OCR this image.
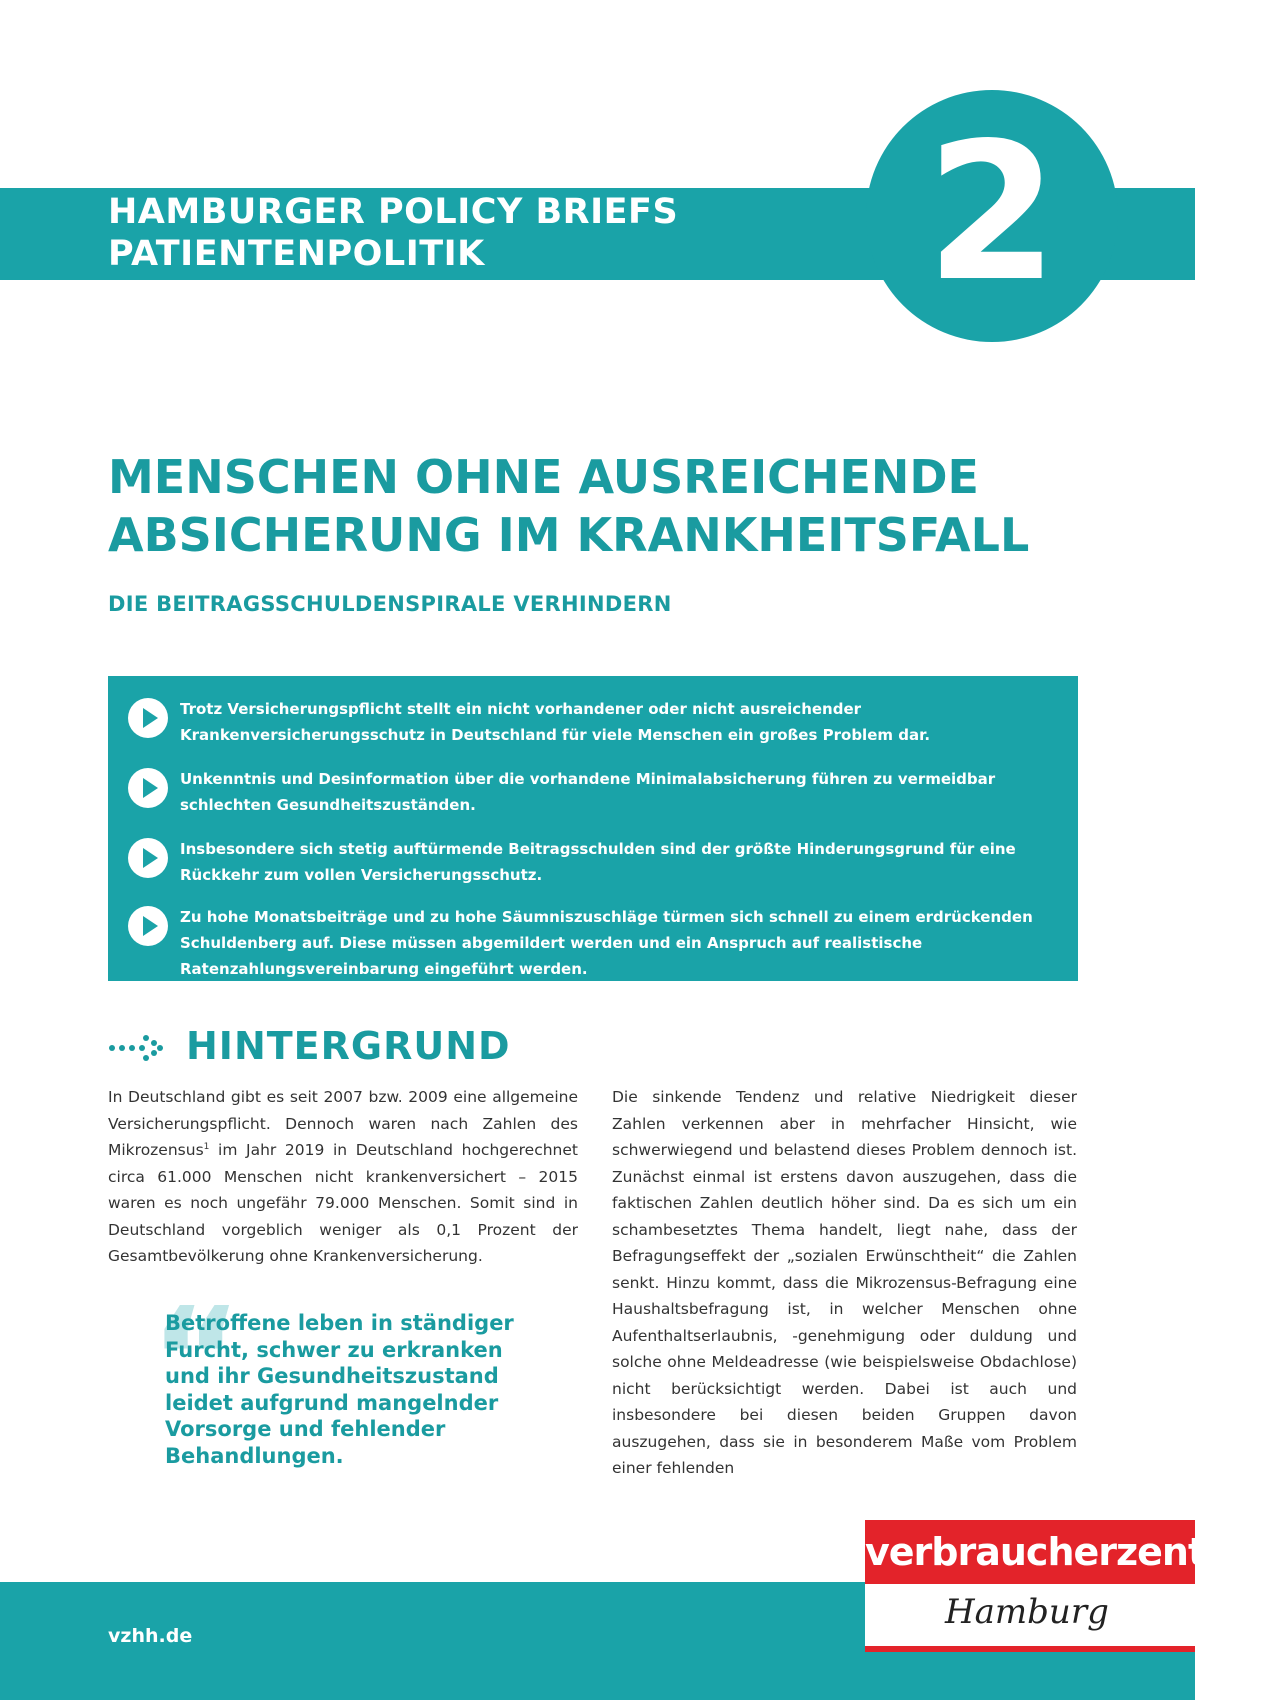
HAMBURGER POLICY BRIEFS
PATIENTENPOLITIK	2
MENSCHEN OHNE AUSREICHENDE
ABSICHERUNG IM KRANKHEITSFALL
DIE BEITRAGSSCHULDENSPIRALE VERHINDERN
Trotz Versicherungspflicht stellt ein nicht vorhandener oder nicht ausreichender Krankenversicherungsschutz in Deutschland für viele Menschen ein großes Problem dar.
Unkenntnis und Desinformation über die vorhandene Minimalabsicherung führen zu vermeidbar schlechten Gesundheitszuständen.
Insbesondere sich stetig auftürmende Beitragsschulden sind der größte Hinderungsgrund für eine Rückkehr zum vollen Versicherungsschutz.
Zu hohe Monatsbeiträge und zu hohe Säumniszuschläge türmen sich schnell zu einem erdrückenden Schuldenberg auf. Diese müssen abgemildert werden und ein Anspruch auf realistische Ratenzahlungsvereinbarung eingeführt werden.
HINTERGRUND
In Deutschland gibt es seit 2007 bzw. 2009 eine allgemeine Versicherungspflicht. Dennoch waren nach Zahlen des Mikrozensus$^1$ im Jahr 2019 in Deutschland hochgerechnet circa 61.000 Menschen nicht krankenversichert – 2015 waren es noch ungefähr 79.000 Menschen. Somit sind in Deutschland vorgeblich weniger als 0,1 Prozent der Gesamtbevölkerung ohne Krankenversicherung.
Die sinkende Tendenz und relative Niedrigkeit dieser Zahlen verkennen aber in mehrfacher Hinsicht, wie schwerwiegend und belastend dieses Problem dennoch ist. Zunächst einmal ist erstens davon auszugehen, dass die faktischen Zahlen deutlich höher sind. Da es sich um ein schambesetztes Thema handelt, liegt nahe, dass der Befragungseffekt der „sozialen Erwünschtheit“ die Zahlen senkt. Hinzu kommt, dass die Mikrozensus-Befragung eine Haushaltsbefragung ist, in welcher Menschen ohne Aufenthaltserlaubnis, -genehmigung oder duldung und solche ohne Meldeadresse (wie beispielsweise Obdachlose) nicht berücksichtigt werden. Dabei ist auch und insbesondere bei diesen beiden Gruppen davon auszugehen, dass sie in besonderem Maße vom Problem einer fehlenden
“
Betroffene leben in ständiger Furcht, schwer zu erkranken und ihr Gesundheitszustand leidet aufgrund mangelnder Vorsorge und fehlender Behandlungen.
vzhh.de
verbraucherzentrale
Hamburg
